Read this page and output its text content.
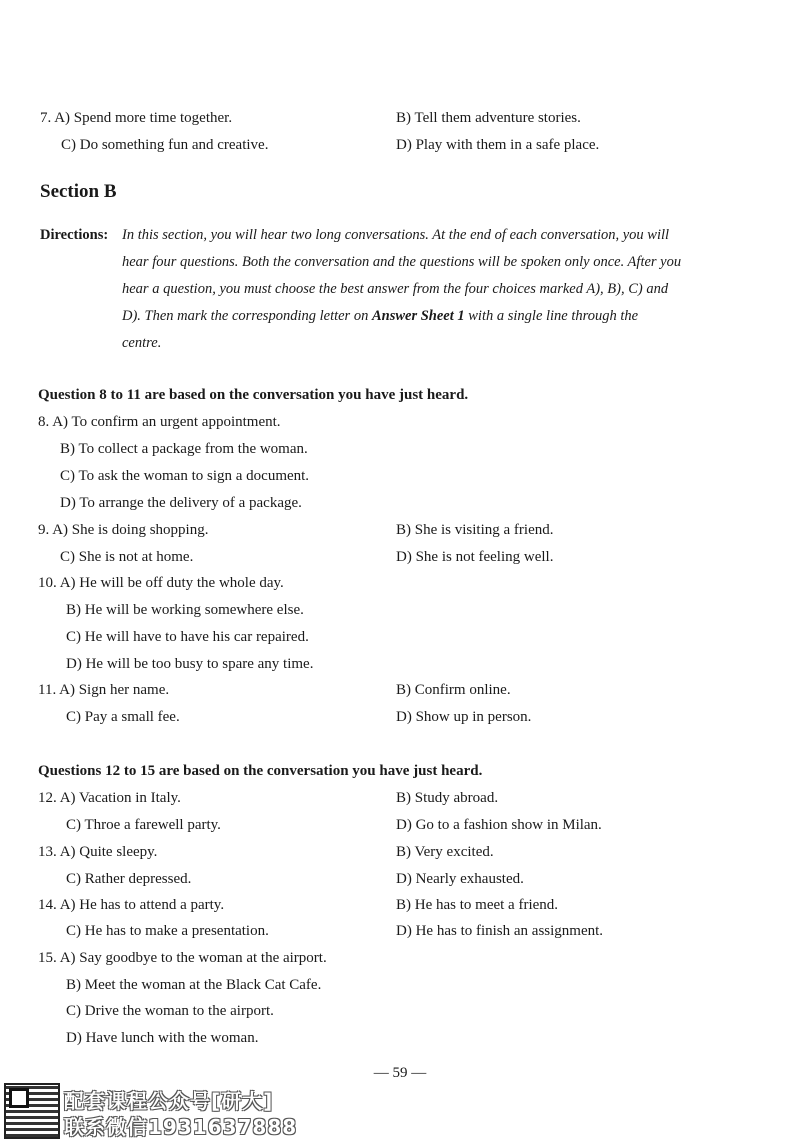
7. A) Spend more time together.	B) Tell them adventure stories.
C) Do something fun and creative.	D) Play with them in a safe place.
Section B
Directions: In this section, you will hear two long conversations. At the end of each conversation, you will
hear four questions. Both the conversation and the questions will be spoken only once. After you
hear a question, you must choose the best answer from the four choices marked A), B), C) and
D). Then mark the corresponding letter on Answer Sheet 1 with a single line through the
centre.
Question 8 to 11 are based on the conversation you have just heard.
8. A) To confirm an urgent appointment.
B) To collect a package from the woman.
C) To ask the woman to sign a document.
D) To arrange the delivery of a package.
9. A) She is doing shopping.	B) She is visiting a friend.
C) She is not at home.	D) She is not feeling well.
10. A) He will be off duty the whole day.
B) He will be working somewhere else.
C) He will have to have his car repaired.
D) He will be too busy to spare any time.
11. A) Sign her name.	B) Confirm online.
C) Pay a small fee.	D) Show up in person.
Questions 12 to 15 are based on the conversation you have just heard.
12. A) Vacation in Italy.	B) Study abroad.
C) Throe a farewell party.	D) Go to a fashion show in Milan.
13. A) Quite sleepy.	B) Very excited.
C) Rather depressed.	D) Nearly exhausted.
14. A) He has to attend a party.	B) He has to meet a friend.
C) He has to make a presentation.	D) He has to finish an assignment.
15. A) Say goodbye to the woman at the airport.
B) Meet the woman at the Black Cat Cafe.
C) Drive the woman to the airport.
D) Have lunch with the woman.
— 59 —
配套课程公众号[研大]
联系微信1931637888
